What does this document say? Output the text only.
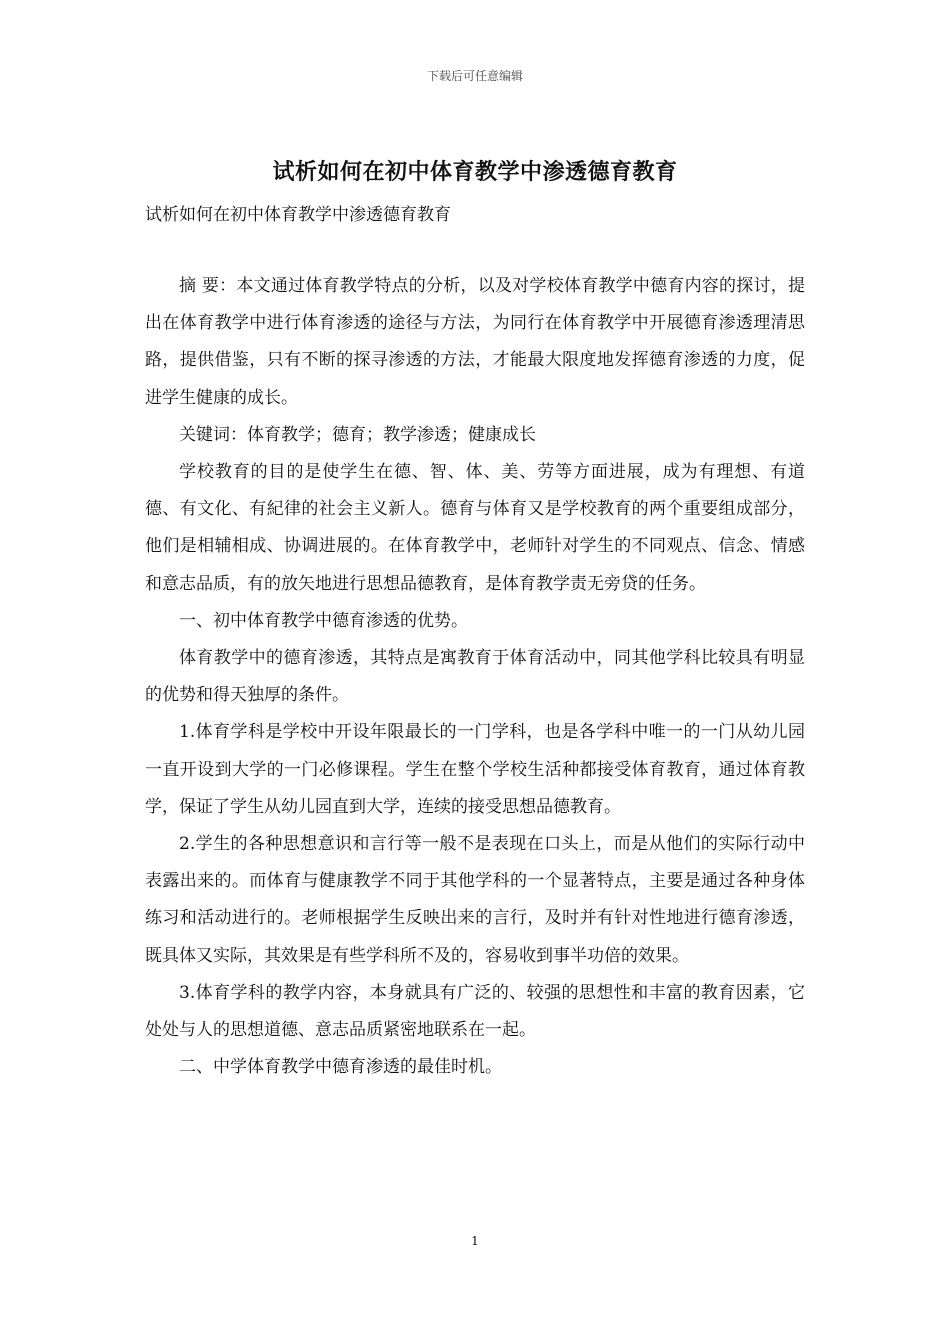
下载后可任意编辑
试析如何在初中体育教学中渗透德育教育
试析如何在初中体育教学中渗透德育教育

摘 要：本文通过体育教学特点的分析，以及对学校体育教学中德育内容的探讨，提出在体育教学中进行体育渗透的途径与方法，为同行在体育教学中开展德育渗透理清思路，提供借鉴，只有不断的探寻渗透的方法，才能最大限度地发挥德育渗透的力度，促进学生健康的成长。

关键词：体育教学；德育；教学渗透；健康成长

学校教育的目的是使学生在德、智、体、美、劳等方面进展，成为有理想、有道德、有文化、有紀律的社会主义新人。德育与体育又是学校教育的两个重要组成部分，他们是相辅相成、协调进展的。在体育教学中，老师针对学生的不同观点、信念、情感和意志品质，有的放矢地进行思想品德教育，是体育教学责无旁贷的任务。

一、初中体育教学中德育渗透的优势。

体育教学中的德育渗透，其特点是寓教育于体育活动中，同其他学科比较具有明显的优势和得天独厚的条件。

1.体育学科是学校中开设年限最长的一门学科，也是各学科中唯一的一门从幼儿园一直开设到大学的一门必修课程。学生在整个学校生活种都接受体育教育，通过体育教学，保证了学生从幼儿园直到大学，连续的接受思想品德教育。

2.学生的各种思想意识和言行等一般不是表现在口头上，而是从他们的实际行动中表露出来的。而体育与健康教学不同于其他学科的一个显著特点，主要是通过各种身体练习和活动进行的。老师根据学生反映出来的言行，及时并有针对性地进行德育渗透，既具体又实际，其效果是有些学科所不及的，容易收到事半功倍的效果。

3.体育学科的教学内容，本身就具有广泛的、较强的思想性和丰富的教育因素，它处处与人的思想道德、意志品质紧密地联系在一起。

二、中学体育教学中德育渗透的最佳时机。

1
